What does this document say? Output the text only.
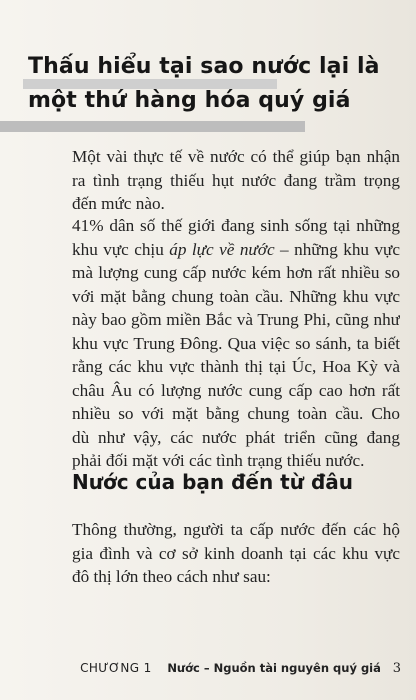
Thấu hiểu tại sao nước lại là
một thứ hàng hóa quý giá
Một vài thực tế về nước có thể giúp bạn nhận
ra tình trạng thiếu hụt nước đang trầm trọng
đến mức nào.
41% dân số thế giới đang sinh sống tại những
khu vực chịu áp lực về nước – những khu vực
mà lượng cung cấp nước kém hơn rất nhiều so
với mặt bằng chung toàn cầu. Những khu vực
này bao gồm miền Bắc và Trung Phi, cũng như
khu vực Trung Đông. Qua việc so sánh, ta biết
rằng các khu vực thành thị tại Úc, Hoa Kỳ và
châu Âu có lượng nước cung cấp cao hơn rất
nhiều so với mặt bằng chung toàn cầu. Cho
dù như vậy, các nước phát triển cũng đang
phải đối mặt với các tình trạng thiếu nước.
Nước của bạn đến từ đâu
Thông thường, người ta cấp nước đến các hộ
gia đình và cơ sở kinh doanh tại các khu vực
đô thị lớn theo cách như sau:
CHƯƠNG 1 Nước – Nguồn tài nguyên quý giá 3
